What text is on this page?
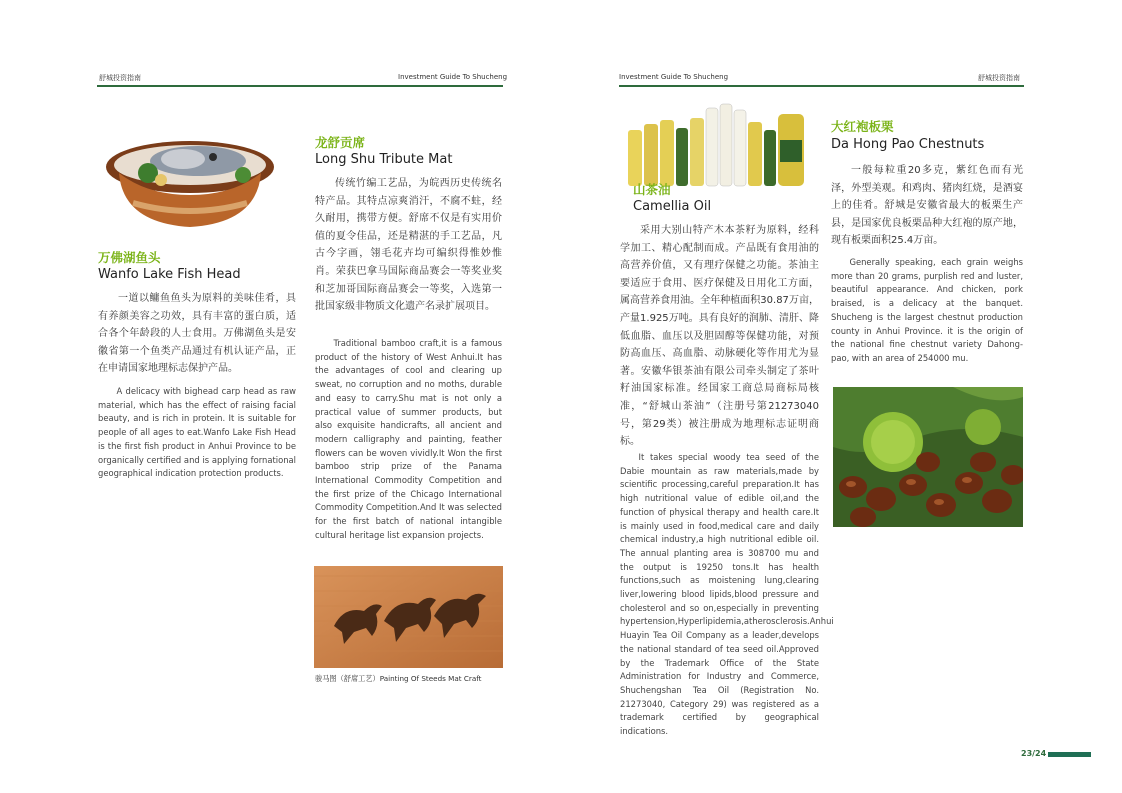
舒城投资指南	Investment Guide To Shucheng	Investment Guide To Shucheng	舒城投资指南
万佛湖鱼头
Wanfo Lake Fish Head

一道以鳙鱼鱼头为原料的美味佳肴，具有养颜美容之功效，具有丰富的蛋白质，适合各个年龄段的人士食用。万佛湖鱼头是安徽省第一个鱼类产品通过有机认证产品，正在申请国家地理标志保护产品。

A delicacy with bighead carp head as raw material, which has the effect of raising facial beauty, and is rich in protein. It is suitable for people of all ages to eat.Wanfo Lake Fish Head is the first fish product in Anhui Province to be organically certified and is applying fornational geographical indication protection products.

龙舒贡席
Long Shu Tribute Mat

传统竹编工艺品，为皖西历史传统名特产品。其特点凉爽消汗，不腐不蛀，经久耐用，携带方便。舒席不仅是有实用价值的夏令佳品，还是精湛的手工艺品，凡古今字画，翎毛花卉均可编织得惟妙惟肖。荣获巴拿马国际商品赛会一等奖业奖和芝加哥国际商品赛会一等奖，入选第一批国家级非物质文化遗产名录扩展项目。

Traditional bamboo craft,it is a famous product of the history of West Anhui.It has the advantages of cool and clearing up sweat, no corruption and no moths, durable and easy to carry.Shu mat is not only a practical value of summer products, but also exquisite handicrafts, all ancient and modern calligraphy and painting, feather flowers can be woven vividly.It Won the first bamboo strip prize of the Panama International Commodity Competition and the first prize of the Chicago International Commodity Competition.And It was selected for the first batch of national intangible cultural heritage list expansion projects.

骏马图（舒席工艺）Painting Of Steeds Mat Craft
山茶油
Camellia Oil

采用大别山特产木本茶籽为原料，经科学加工、精心配制而成。产品既有食用油的高营养价值，又有理疗保健之功能。茶油主要适应于食用、医疗保健及日用化工方面，属高营养食用油。全年种植面积30.87万亩，产量1.925万吨。具有良好的润肺、清肝、降低血脂、血压以及胆固醇等保健功能，对预防高血压、高血脂、动脉硬化等作用尤为显著。安徽华银茶油有限公司牵头制定了茶叶籽油国家标准。经国家工商总局商标局核准，“舒城山茶油”（注册号第21273040号，第29类）被注册成为地理标志证明商标。

It takes special woody tea seed of the Dabie mountain as raw materials,made by scientific processing,careful preparation.It has high nutritional value of edible oil,and the function of physical therapy and health care.It is mainly used in food,medical care and daily chemical industry,a high nutritional edible oil. The annual planting area is 308700 mu and the output is 19250 tons.It has health functions,such as moistening lung,clearing liver,lowering blood lipids,blood pressure and cholesterol and so on,especially in preventing hypertension,Hyperlipidemia,atherosclerosis.Anhui Huayin Tea Oil Company as a leader,develops the national standard of tea seed oil.Approved by the Trademark Office of the State Administration for Industry and Commerce, Shuchengshan Tea Oil (Registration No. 21273040, Category 29) was registered as a trademark certified by geographical indications.

大红袍板栗
Da Hong Pao Chestnuts

一般每粒重20多克，紫红色而有光泽，外型美观。和鸡肉、猪肉红烧，是酒宴上的佳肴。舒城是安徽省最大的板栗生产县，是国家优良板栗品种大红袍的原产地，现有板栗面积25.4万亩。

Generally speaking, each grain weighs more than 20 grams, purplish red and luster, beautiful appearance. And chicken, pork braised, is a delicacy at the banquet. Shucheng is the largest chestnut production county in Anhui Province. it is the origin of the national fine chestnut variety Dahong-pao, with an area of 254000 mu.

23/24
